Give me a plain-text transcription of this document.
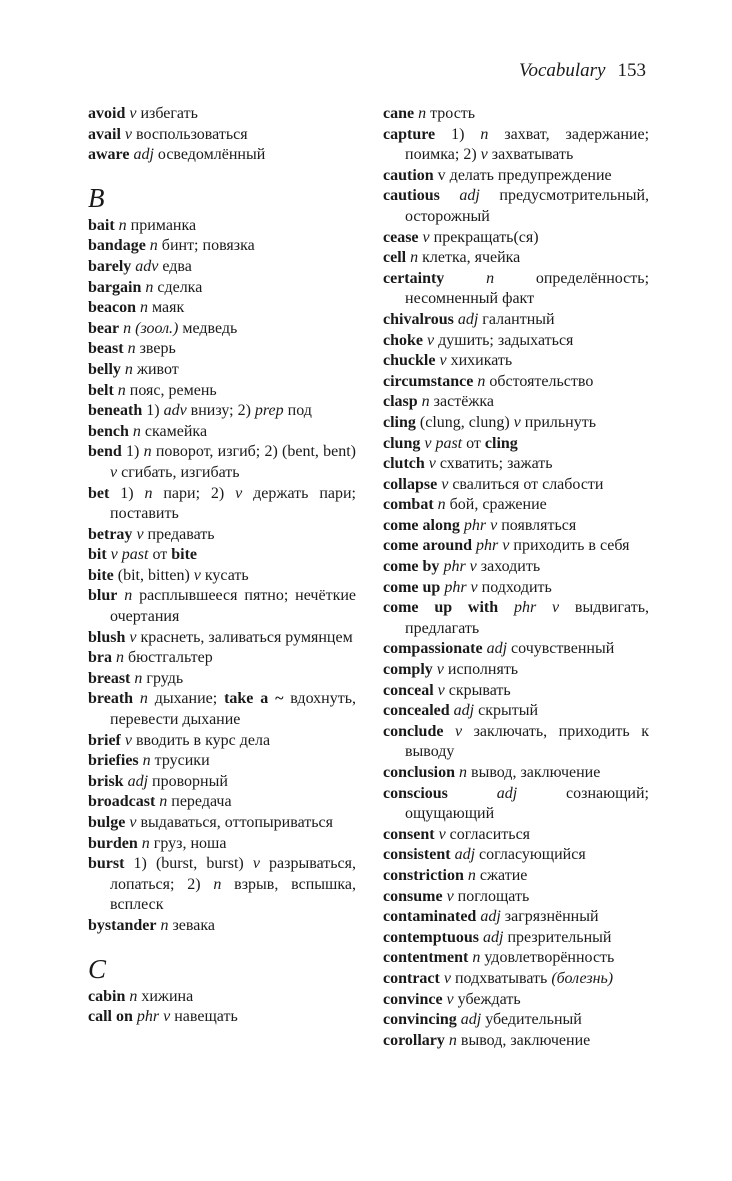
Vocabulary 153
avoid v избегать
avail v воспользоваться
aware adj осведомлённый
B
bait n приманка
bandage n бинт; повязка
barely adv едва
bargain n сделка
beacon n маяк
bear n (зоол.) медведь
beast n зверь
belly n живот
belt n пояс, ремень
beneath 1) adv внизу; 2) prep под
bench n скамейка
bend 1) n поворот, изгиб; 2) (bent, bent) v сгибать, изгибать
bet 1) n пари; 2) v держать пари; поставить
betray v предавать
bit v past от bite
bite (bit, bitten) v кусать
blur n расплывшееся пятно; нечёткие очертания
blush v краснеть, заливаться румянцем
bra n бюстгальтер
breast n грудь
breath n дыхание; take a ~ вдохнуть, перевести дыхание
brief v вводить в курс дела
briefies n трусики
brisk adj проворный
broadcast n передача
bulge v выдаваться, оттопыриваться
burden n груз, ноша
burst 1) (burst, burst) v разрываться, лопаться; 2) n взрыв, вспышка, всплеск
bystander n зевака
C
cabin n хижина
call on phr v навещать
cane n трость
capture 1) n захват, задержание; поимка; 2) v захватывать
caution v делать предупреждение
cautious adj предусмотрительный, осторожный
cease v прекращать(ся)
cell n клетка, ячейка
certainty n определённость; несомненный факт
chivalrous adj галантный
choke v душить; задыхаться
chuckle v хихикать
circumstance n обстоятельство
clasp n застёжка
cling (clung, clung) v прильнуть
clung v past от cling
clutch v схватить; зажать
collapse v свалиться от слабости
combat n бой, сражение
come along phr v появляться
come around phr v приходить в себя
come by phr v заходить
come up phr v подходить
come up with phr v выдвигать, предлагать
compassionate adj сочувственный
comply v исполнять
conceal v скрывать
concealed adj скрытый
conclude v заключать, приходить к выводу
conclusion n вывод, заключение
conscious adj сознающий; ощущающий
consent v согласиться
consistent adj согласующийся
constriction n сжатие
consume v поглощать
contaminated adj загрязнённый
contemptuous adj презрительный
contentment n удовлетворённость
contract v подхватывать (болезнь)
convince v убеждать
convincing adj убедительный
corollary n вывод, заключение
